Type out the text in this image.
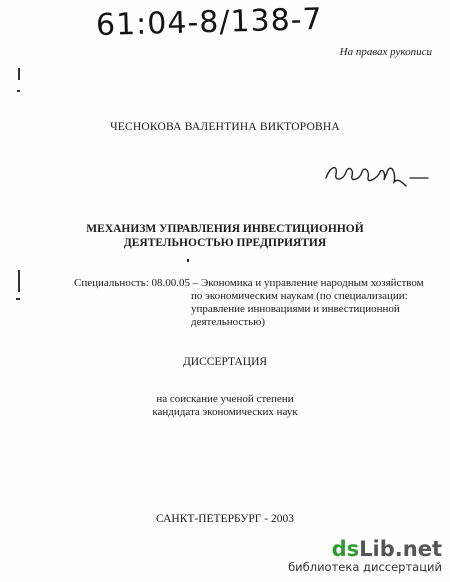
61:04-8/138-7
На правах рукописи
ЧЕСНОКОВА ВАЛЕНТИНА ВИКТОРОВНА
МЕХАНИЗМ УПРАВЛЕНИЯ ИНВЕСТИЦИОННОЙ
ДЕЯТЕЛЬНОСТЬЮ ПРЕДПРИЯТИЯ
Специальность: 08.00.05 – Экономика и управление народным хозяйством
по экономическим наукам (по специализации:
управление инновациями и инвестиционной
деятельностью)
ДИССЕРТАЦИЯ
на соискание ученой степени
кандидата экономических наук
САНКТ-ПЕТЕРБУРГ - 2003
dsLib.net
библиотека диссертаций
